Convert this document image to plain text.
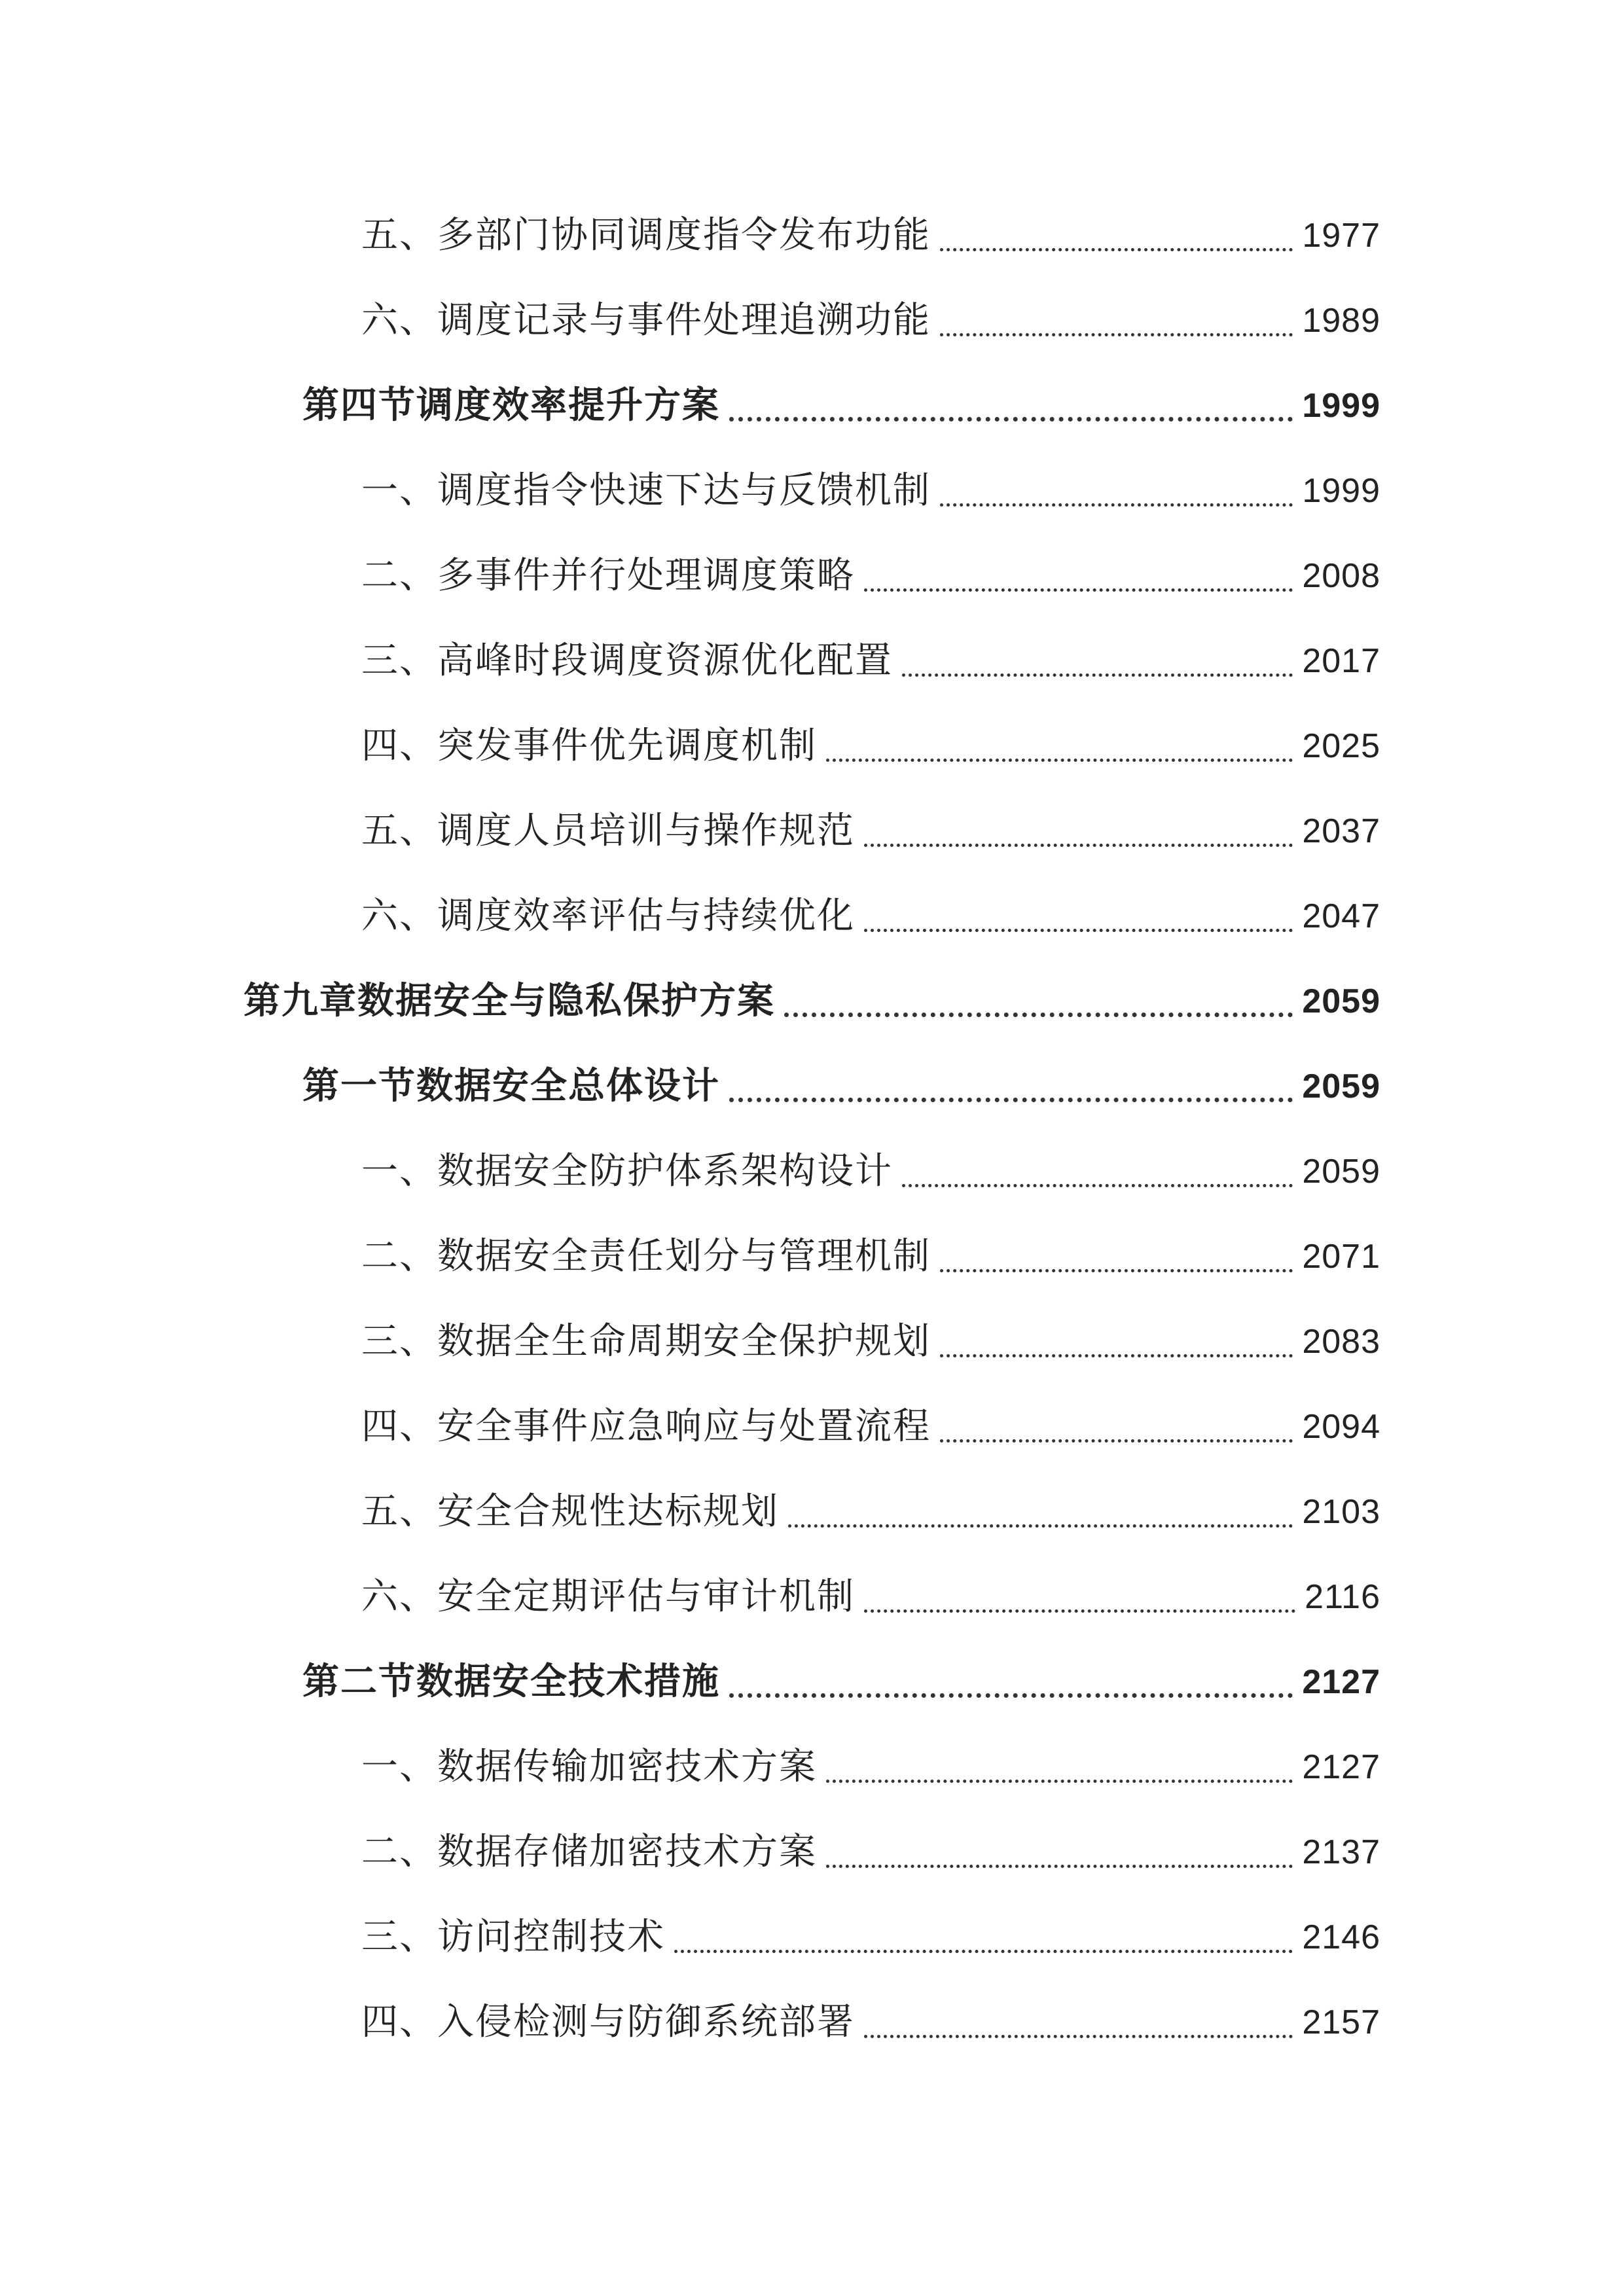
五、多部门协同调度指令发布功能	1977
六、调度记录与事件处理追溯功能	1989
第四节调度效率提升方案	1999
一、调度指令快速下达与反馈机制	1999
二、多事件并行处理调度策略	2008
三、高峰时段调度资源优化配置	2017
四、突发事件优先调度机制	2025
五、调度人员培训与操作规范	2037
六、调度效率评估与持续优化	2047
第九章数据安全与隐私保护方案	2059
第一节数据安全总体设计	2059
一、数据安全防护体系架构设计	2059
二、数据安全责任划分与管理机制	2071
三、数据全生命周期安全保护规划	2083
四、安全事件应急响应与处置流程	2094
五、安全合规性达标规划	2103
六、安全定期评估与审计机制	2116
第二节数据安全技术措施	2127
一、数据传输加密技术方案	2127
二、数据存储加密技术方案	2137
三、访问控制技术	2146
四、入侵检测与防御系统部署	2157
